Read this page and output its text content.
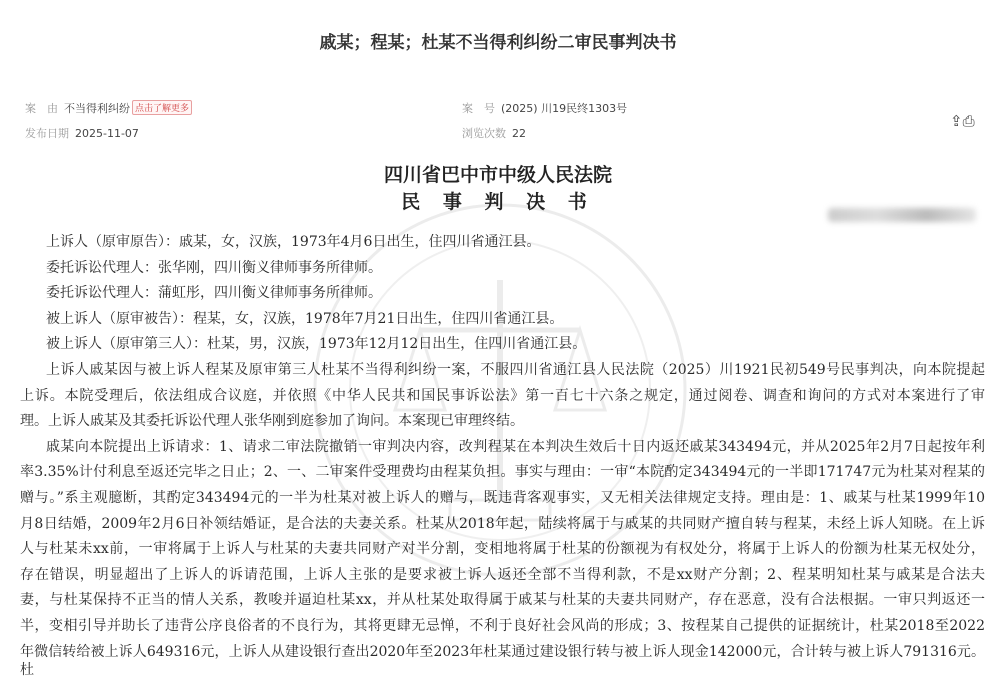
戚某；程某；杜某不当得利纠纷二审民事判决书
案　由 不当得利纠纷 点击了解更多	案　号 (2025) 川19民终1303号
发布日期 2025-11-07	浏览次数 22
⇪⎙
四川省巴中市中级人民法院
民 事 判 决 书
上诉人（原审原告）：戚某，女，汉族，1973年4月6日出生，住四川省通江县。
委托诉讼代理人：张华刚，四川衡义律师事务所律师。
委托诉讼代理人：蒲虹彤，四川衡义律师事务所律师。
被上诉人（原审被告）：程某，女，汉族，1978年7月21日出生，住四川省通江县。
被上诉人（原审第三人）：杜某，男，汉族，1973年12月12日出生，住四川省通江县。
上诉人戚某因与被上诉人程某及原审第三人杜某不当得利纠纷一案，不服四川省通江县人民法院（2025）川1921民初549号民事判决，向本院提起
上诉。本院受理后，依法组成合议庭，并依照《中华人民共和国民事诉讼法》第一百七十六条之规定，通过阅卷、调查和询问的方式对本案进行了审
理。上诉人戚某及其委托诉讼代理人张华刚到庭参加了询问。本案现已审理终结。
戚某向本院提出上诉请求：1、请求二审法院撤销一审判决内容，改判程某在本判决生效后十日内返还戚某343494元，并从2025年2月7日起按年利
率3.35%计付利息至返还完毕之日止；2、一、二审案件受理费均由程某负担。事实与理由：一审“本院酌定343494元的一半即171747元为杜某对程某的
赠与。”系主观臆断，其酌定343494元的一半为杜某对被上诉人的赠与，既违背客观事实，又无相关法律规定支持。理由是：1、戚某与杜某1999年10
月8日结婚，2009年2月6日补领结婚证，是合法的夫妻关系。杜某从2018年起，陆续将属于与戚某的共同财产擅自转与程某，未经上诉人知晓。在上诉
人与杜某未xx前，一审将属于上诉人与杜某的夫妻共同财产对半分割，变相地将属于杜某的份额视为有权处分，将属于上诉人的份额为杜某无权处分，
存在错误，明显超出了上诉人的诉请范围，上诉人主张的是要求被上诉人返还全部不当得利款，不是xx财产分割；2、程某明知杜某与戚某是合法夫
妻，与杜某保持不正当的情人关系，教唆并逼迫杜某xx，并从杜某处取得属于戚某与杜某的夫妻共同财产，存在恶意，没有合法根据。一审只判返还一
半，变相引导并助长了违背公序良俗者的不良行为，其将更肆无忌惮，不利于良好社会风尚的形成；3、按程某自己提供的证据统计，杜某2018至2022
年微信转给被上诉人649316元，上诉人从建设银行查出2020年至2023年杜某通过建设银行转与被上诉人现金142000元，合计转与被上诉人791316元。杜
